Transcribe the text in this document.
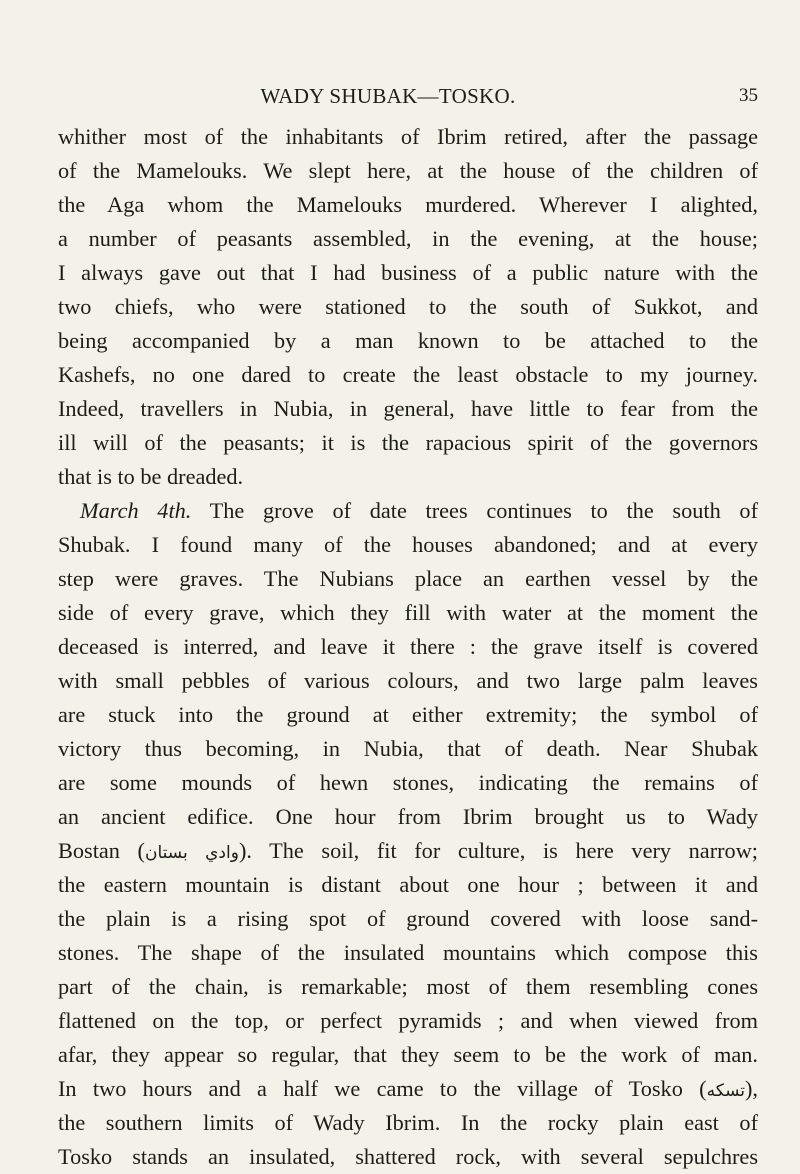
WADY SHUBAK—TOSKO.	35
whither most of the inhabitants of Ibrim retired, after the passage
of the Mamelouks. We slept here, at the house of the children of
the Aga whom the Mamelouks murdered. Wherever I alighted,
a number of peasants assembled, in the evening, at the house;
I always gave out that I had business of a public nature with the
two chiefs, who were stationed to the south of Sukkot, and
being accompanied by a man known to be attached to the
Kashefs, no one dared to create the least obstacle to my journey.
Indeed, travellers in Nubia, in general, have little to fear from the
ill will of the peasants; it is the rapacious spirit of the governors
that is to be dreaded.
March 4th. The grove of date trees continues to the south of
Shubak. I found many of the houses abandoned; and at every
step were graves. The Nubians place an earthen vessel by the
side of every grave, which they fill with water at the moment the
deceased is interred, and leave it there : the grave itself is covered
with small pebbles of various colours, and two large palm leaves
are stuck into the ground at either extremity; the symbol of
victory thus becoming, in Nubia, that of death. Near Shubak
are some mounds of hewn stones, indicating the remains of
an ancient edifice. One hour from Ibrim brought us to Wady
Bostan (وادي بستان). The soil, fit for culture, is here very narrow;
the eastern mountain is distant about one hour ; between it and
the plain is a rising spot of ground covered with loose sand-
stones. The shape of the insulated mountains which compose this
part of the chain, is remarkable; most of them resembling cones
flattened on the top, or perfect pyramids ; and when viewed from
afar, they appear so regular, that they seem to be the work of man.
In two hours and a half we came to the village of Tosko (تسكه),
the southern limits of Wady Ibrim. In the rocky plain east of
Tosko stands an insulated, shattered rock, with several sepulchres
